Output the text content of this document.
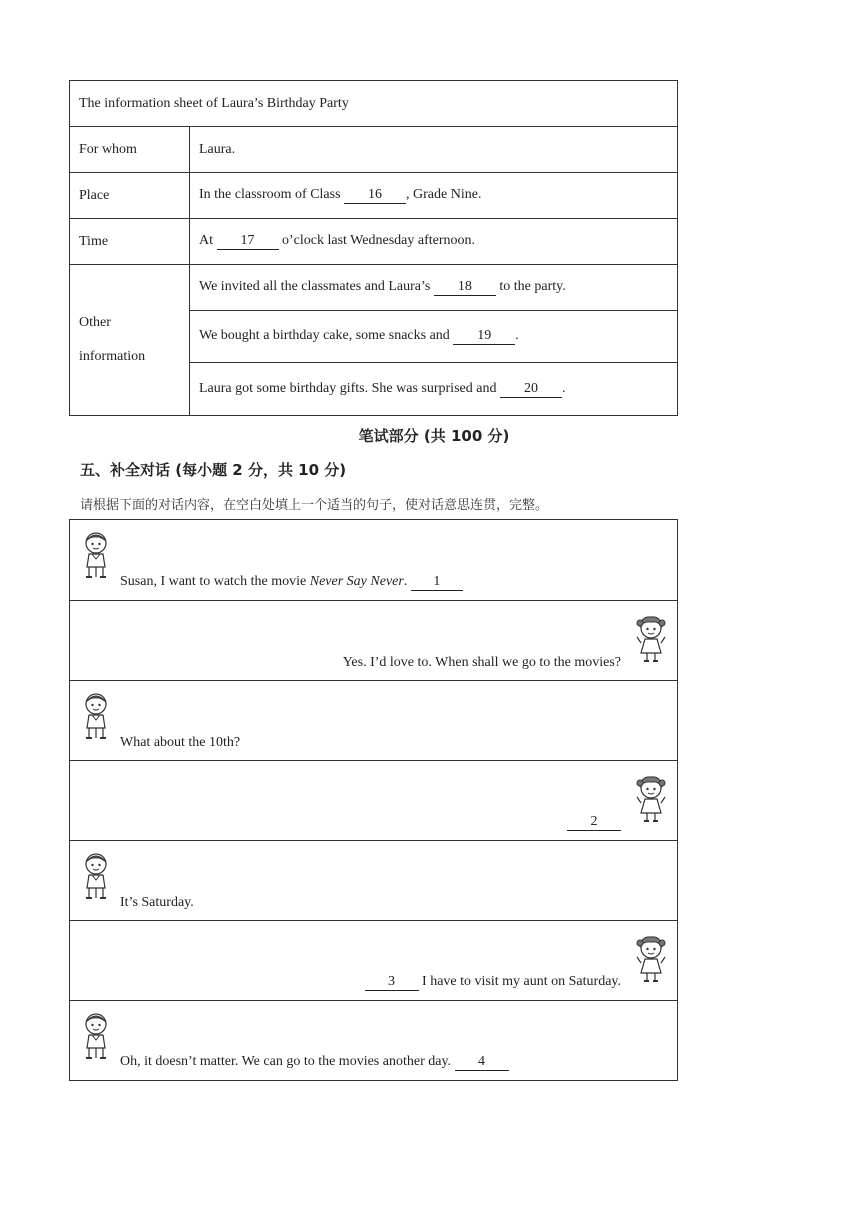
The information sheet of Laura’s Birthday Party	
For whom	Laura.
Place	In the classroom of Class 16 , Grade Nine.
Time	At 17 o’clock last Wednesday afternoon.

Other
information	We invited all the classmates and Laura’s 18 to the party.
	We bought a birthday cake, some snacks and 19 .
	Laura got some birthday gifts. She was surprised and 20 .
笔试部分 (共 100 分)
五、补全对话 (每小题 2 分，共 10 分)
请根据下面的对话内容，在空白处填上一个适当的句子，使对话意思连贯，完整。
Susan, I want to watch the movie Never Say Never. 1
Yes. I’d love to. When shall we go to the movies?
What about the 10th?
2
It’s Saturday.
3 I have to visit my aunt on Saturday.
Oh, it doesn’t matter. We can go to the movies another day. 4
